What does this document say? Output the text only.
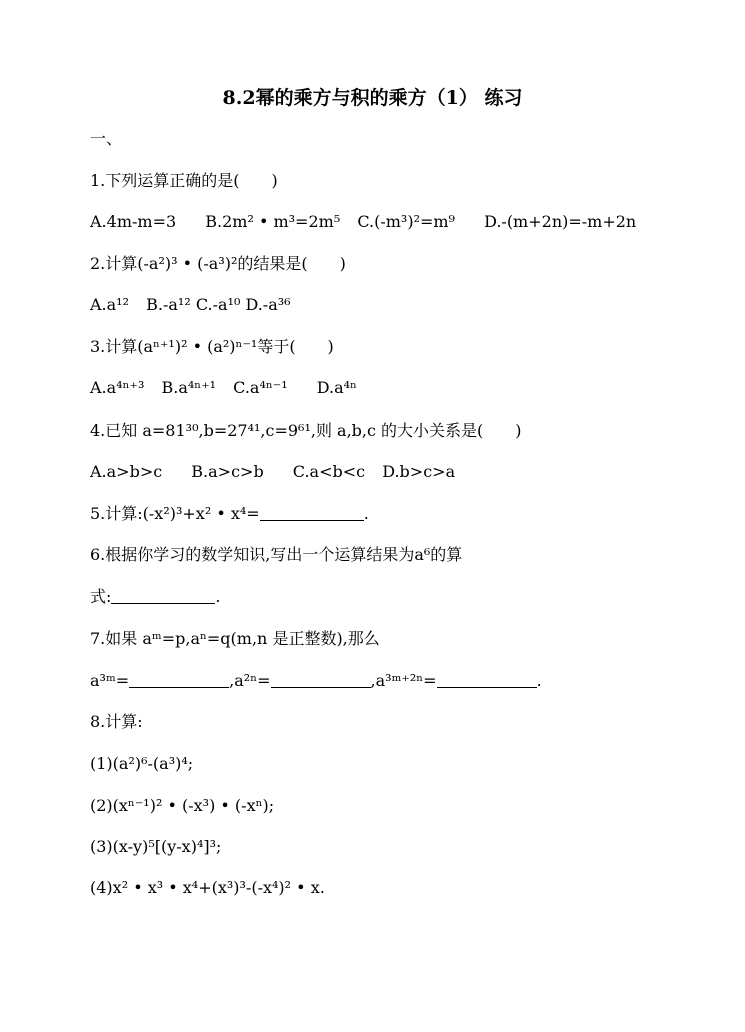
8.2幂的乘方与积的乘方（1） 练习
一、
1.下列运算正确的是(　　)
A.4m-m=3 B.2m² • m³=2m⁵ C.(-m³)²=m⁹ D.-(m+2n)=-m+2n
2.计算(-a²)³ • (-a³)²的结果是(　　)
A.a¹² B.-a¹² C.-a¹⁰ D.-a³⁶
3.计算(aⁿ⁺¹)² • (a²)ⁿ⁻¹等于(　　)
A.a⁴ⁿ⁺³ B.a⁴ⁿ⁺¹ C.a⁴ⁿ⁻¹ D.a⁴ⁿ
4.已知 a=81³⁰,b=27⁴¹,c=9⁶¹,则 a,b,c 的大小关系是(　　)
A.a>b>c B.a>c>b C.a<b<c D.b>c>a
5.计算:(-x²)³+x² • x⁴=	.
6.根据你学习的数学知识,写出一个运算结果为a⁶的算
式:	.
7.如果 aᵐ=p,aⁿ=q(m,n 是正整数),那么
a³ᵐ=	,a²ⁿ=	,a³ᵐ⁺²ⁿ=	.
8.计算:
(1)(a²)⁶-(a³)⁴;
(2)(xⁿ⁻¹)² • (-x³) • (-xⁿ);
(3)(x-y)⁵[(y-x)⁴]³;
(4)x² • x³ • x⁴+(x³)³-(-x⁴)² • x.
